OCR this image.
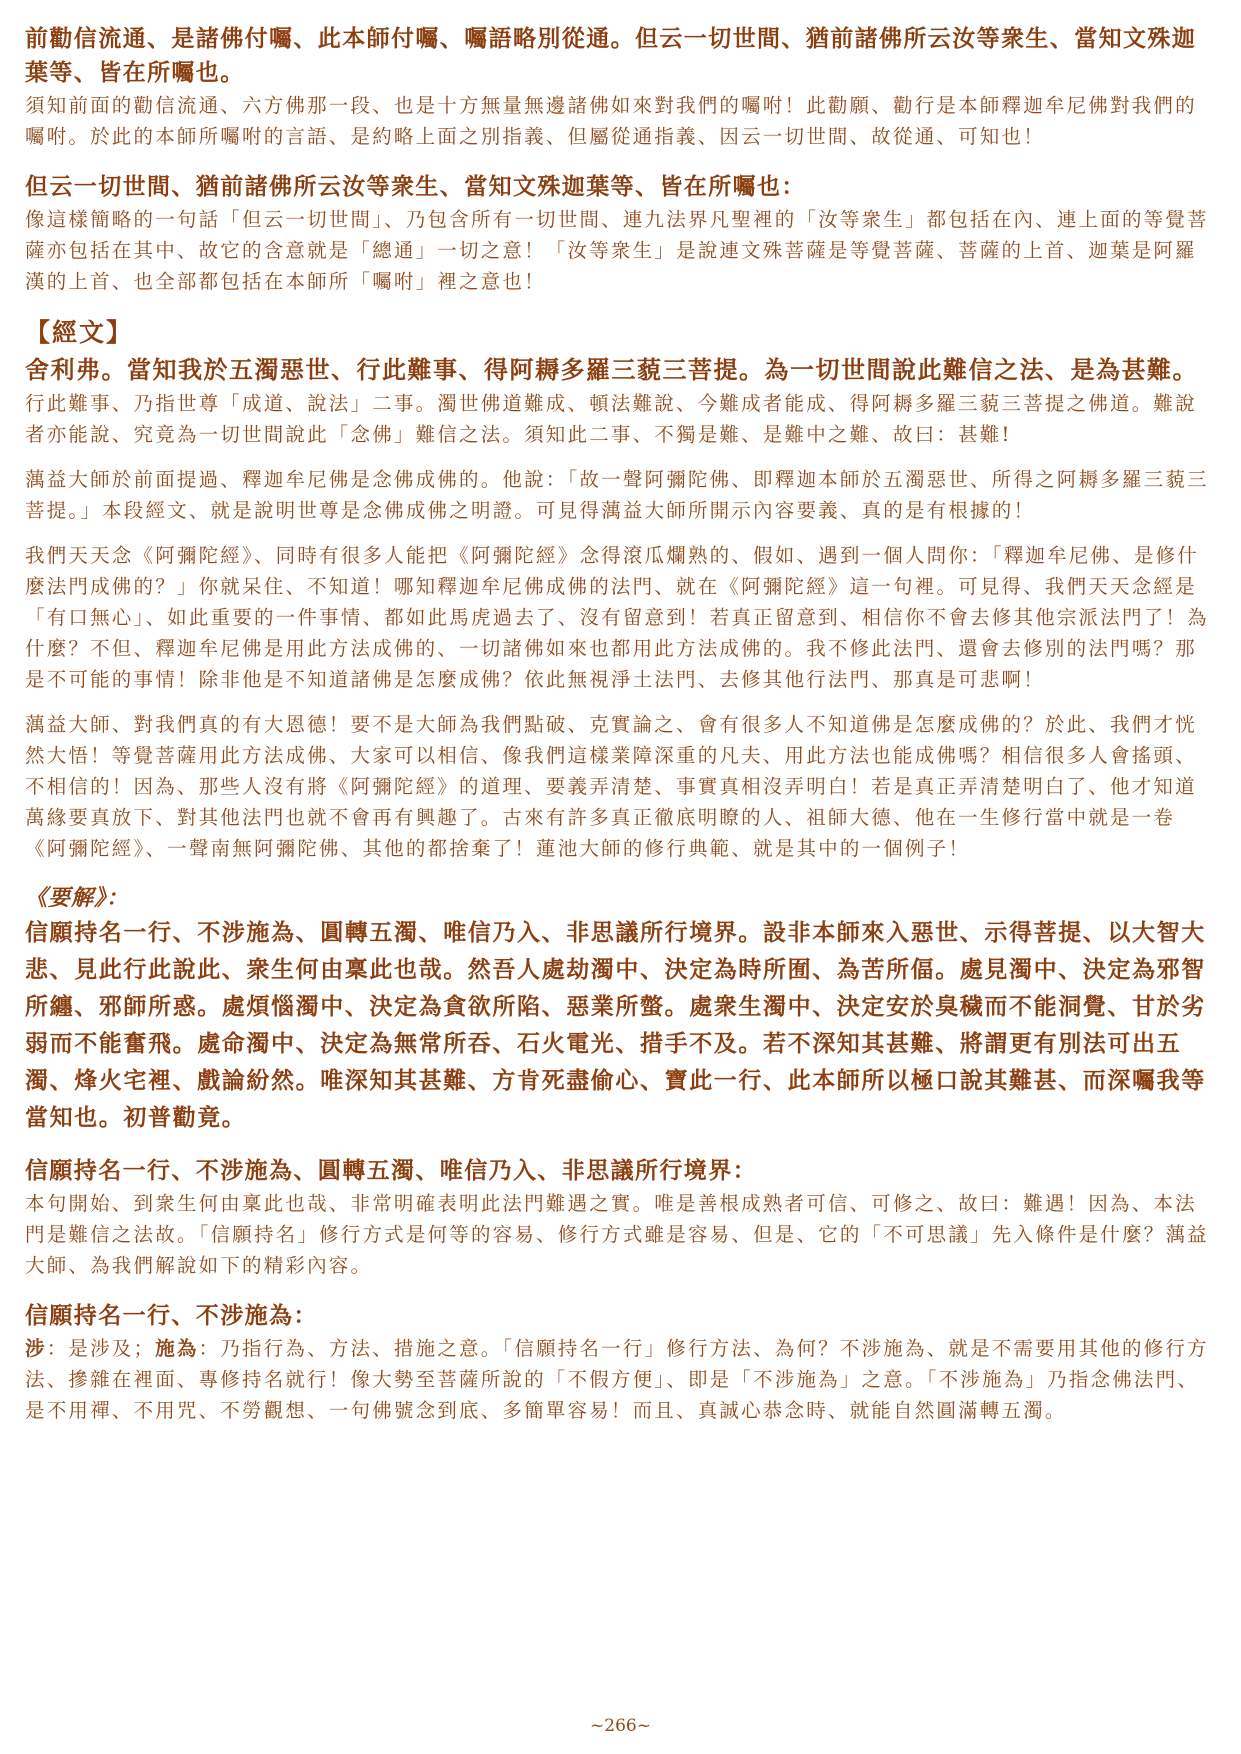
前勸信流通、是諸佛付囑、此本師付囑、囑語略別從通。但云一切世間、猶前諸佛所云汝等衆生、當知文殊迦葉等、皆在所囑也。

須知前面的勸信流通、六方佛那一段、也是十方無量無邊諸佛如來對我們的囑咐！此勸願、勸行是本師釋迦牟尼佛對我們的囑咐。於此的本師所囑咐的言語、是約略上面之別指義、但屬從通指義、因云一切世間、故從通、可知也！

但云一切世間、猶前諸佛所云汝等衆生、當知文殊迦葉等、皆在所囑也：

像這樣簡略的一句話「但云一切世間」、乃包含所有一切世間、連九法界凡聖裡的「汝等衆生」都包括在內、連上面的等覺菩薩亦包括在其中、故它的含意就是「總通」一切之意！「汝等衆生」是說連文殊菩薩是等覺菩薩、菩薩的上首、迦葉是阿羅漢的上首、也全部都包括在本師所「囑咐」裡之意也！

【經文】

舍利弗。當知我於五濁惡世、行此難事、得阿耨多羅三藐三菩提。為一切世間說此難信之法、是為甚難。

行此難事、乃指世尊「成道、說法」二事。濁世佛道難成、頓法難說、今難成者能成、得阿耨多羅三藐三菩提之佛道。難說者亦能說、究竟為一切世間說此「念佛」難信之法。須知此二事、不獨是難、是難中之難、故曰：甚難!

蕅益大師於前面提過、釋迦牟尼佛是念佛成佛的。他說：「故一聲阿彌陀佛、即釋迦本師於五濁惡世、所得之阿耨多羅三藐三菩提。」本段經文、就是說明世尊是念佛成佛之明證。可見得蕅益大師所開示內容要義、真的是有根據的！

我們天天念《阿彌陀經》、同時有很多人能把《阿彌陀經》念得滾瓜爛熟的、假如、遇到一個人問你：「釋迦牟尼佛、是修什麼法門成佛的？」你就呆住、不知道！哪知釋迦牟尼佛成佛的法門、就在《阿彌陀經》這一句裡。可見得、我們天天念經是「有口無心」、如此重要的一件事情、都如此馬虎過去了、沒有留意到！若真正留意到、相信你不會去修其他宗派法門了！為什麼？不但、釋迦牟尼佛是用此方法成佛的、一切諸佛如來也都用此方法成佛的。我不修此法門、還會去修別的法門嗎？那是不可能的事情！除非他是不知道諸佛是怎麼成佛？依此無視淨土法門、去修其他行法門、那真是可悲啊！

蕅益大師、對我們真的有大恩德！要不是大師為我們點破、克實論之、會有很多人不知道佛是怎麼成佛的？於此、我們才恍然大悟！等覺菩薩用此方法成佛、大家可以相信、像我們這樣業障深重的凡夫、用此方法也能成佛嗎？相信很多人會搖頭、不相信的！因為、那些人沒有將《阿彌陀經》的道理、要義弄清楚、事實真相沒弄明白！若是真正弄清楚明白了、他才知道萬緣要真放下、對其他法門也就不會再有興趣了。古來有許多真正徹底明瞭的人、祖師大德、他在一生修行當中就是一卷《阿彌陀經》、一聲南無阿彌陀佛、其他的都捨棄了！蓮池大師的修行典範、就是其中的一個例子！

《要解》：

信願持名一行、不涉施為、圓轉五濁、唯信乃入、非思議所行境界。設非本師來入惡世、示得菩提、以大智大悲、見此行此說此、衆生何由稟此也哉。然吾人處劫濁中、決定為時所囿、為苦所偪。處見濁中、決定為邪智所纏、邪師所惑。處煩惱濁中、決定為貪欲所陷、惡業所螫。處衆生濁中、決定安於臭穢而不能洞覺、甘於劣弱而不能奮飛。處命濁中、決定為無常所吞、石火電光、措手不及。若不深知其甚難、將謂更有別法可出五濁、烽火宅裡、戲論紛然。唯深知其甚難、方肯死盡偷心、寶此一行、此本師所以極口說其難甚、而深囑我等當知也。初普勸竟。

信願持名一行、不涉施為、圓轉五濁、唯信乃入、非思議所行境界：

本句開始、到衆生何由稟此也哉、非常明確表明此法門難遇之實。唯是善根成熟者可信、可修之、故曰：難遇！因為、本法門是難信之法故。「信願持名」修行方式是何等的容易、修行方式雖是容易、但是、它的「不可思議」先入條件是什麼？蕅益大師、為我們解說如下的精彩內容。

信願持名一行、不涉施為：

涉：是涉及；施為：乃指行為、方法、措施之意。「信願持名一行」修行方法、為何？不涉施為、就是不需要用其他的修行方法、摻雜在裡面、專修持名就行！像大勢至菩薩所說的「不假方便」、即是「不涉施為」之意。「不涉施為」乃指念佛法門、是不用禪、不用咒、不勞觀想、一句佛號念到底、多簡單容易！而且、真誠心恭念時、就能自然圓滿轉五濁。

~266~
